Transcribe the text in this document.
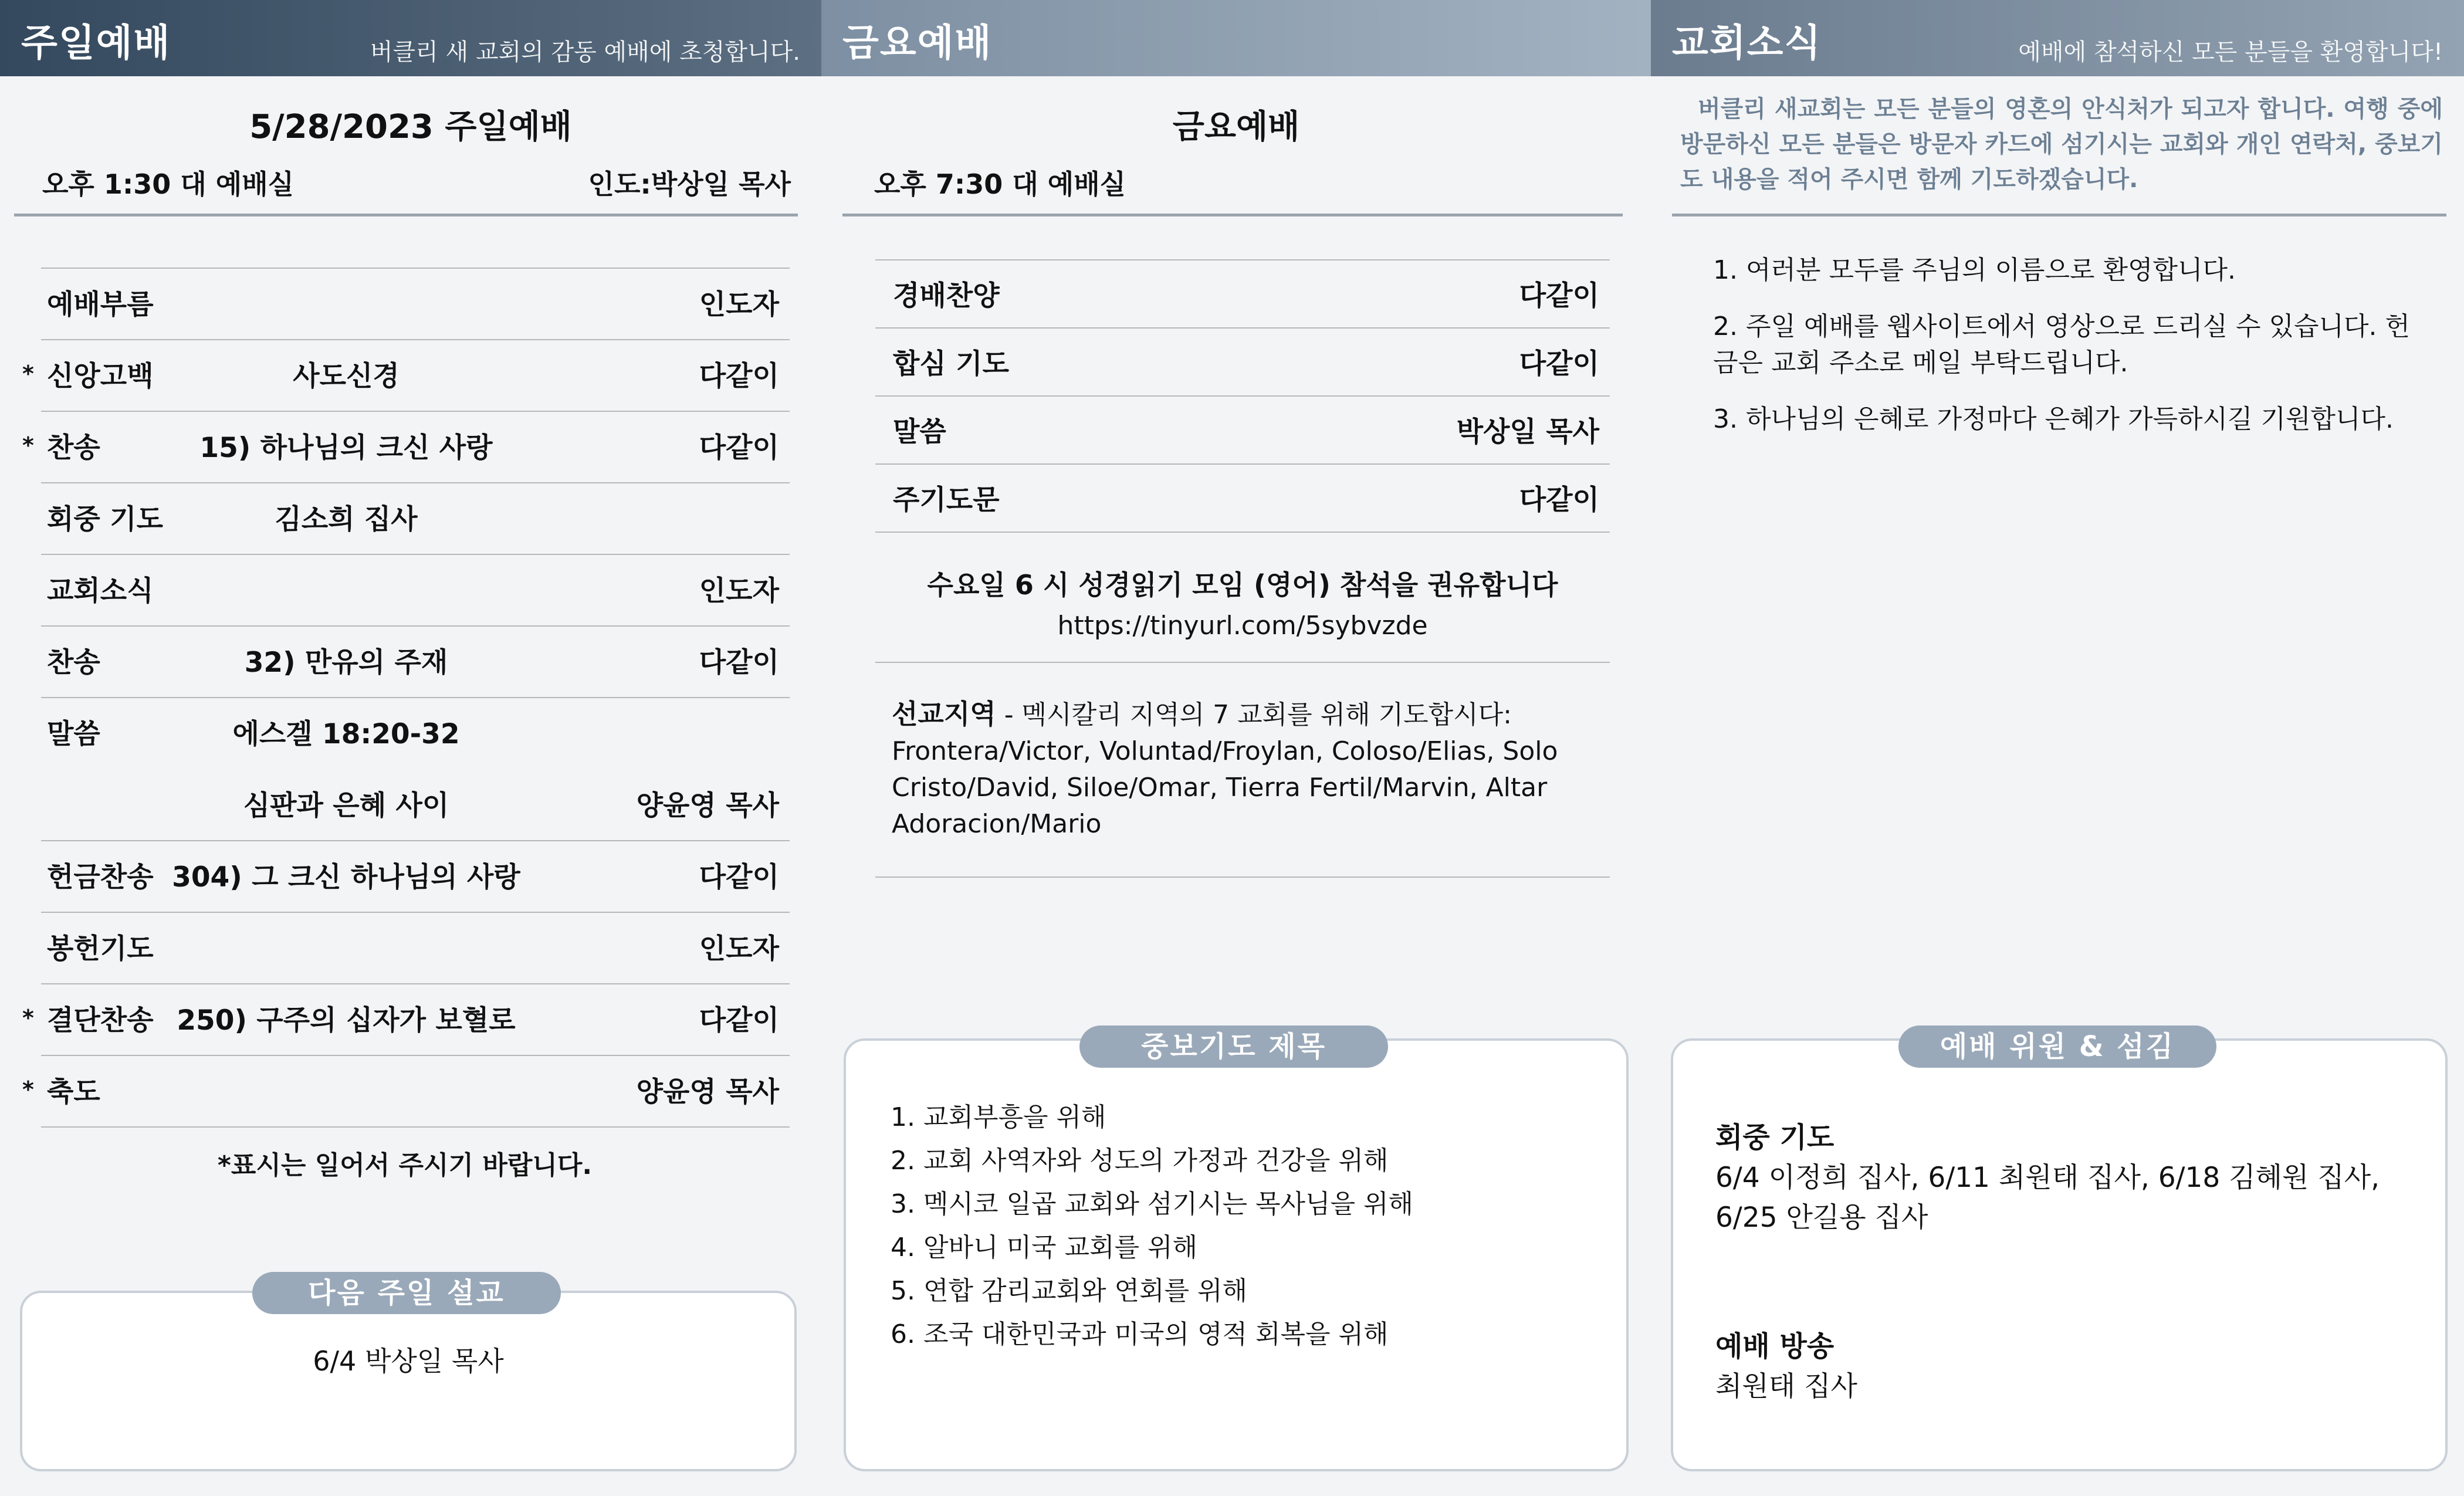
주일예배	버클리 새 교회의 감동 예배에 초청합니다.
5/28/2023 주일예배
오후 1:30 대 예배실	인도:박상일 목사
예배부름	인도자
* 신앙고백	사도신경	다같이
* 찬송	15) 하나님의 크신 사랑	다같이
회중 기도	김소희 집사
교회소식	인도자
찬송	32) 만유의 주재	다같이
말씀	에스겔 18:20-32
심판과 은혜 사이	양윤영 목사
헌금찬송 304) 그 크신 하나님의 사랑	다같이
봉헌기도	인도자
* 결단찬송 250) 구주의 십자가 보혈로	다같이
* 축도	양윤영 목사
*표시는 일어서 주시기 바랍니다.
6/4 박상일 목사
다음 주일 설교
금요예배
금요예배
오후 7:30 대 예배실
경배찬양	다같이
합심 기도	다같이
말씀	박상일 목사
주기도문	다같이
수요일 6 시 성경읽기 모임 (영어) 참석을 권유합니다
https://tinyurl.com/5sybvzde
선교지역 - 멕시칼리 지역의 7 교회를 위해 기도합시다: Frontera/Victor, Voluntad/Froylan, Coloso/Elias, Solo Cristo/David, Siloe/Omar, Tierra Fertil/Marvin, Altar Adoracion/Mario
1. 교회부흥을 위해
2. 교회 사역자와 성도의 가정과 건강을 위해
3. 멕시코 일곱 교회와 섬기시는 목사님을 위해
4. 알바니 미국 교회를 위해
5. 연합 감리교회와 연회를 위해
6. 조국 대한민국과 미국의 영적 회복을 위해
중보기도 제목
교회소식	예배에 참석하신 모든 분들을 환영합니다!
버클리 새교회는 모든 분들의 영혼의 안식처가 되고자 합니다. 여행 중에 방문하신 모든 분들은 방문자 카드에 섬기시는 교회와 개인 연락처, 중보기도 내용을 적어 주시면 함께 기도하겠습니다.
1. 여러분 모두를 주님의 이름으로 환영합니다.
2. 주일 예배를 웹사이트에서 영상으로 드리실 수 있습니다. 헌금은 교회 주소로 메일 부탁드립니다.
3. 하나님의 은혜로 가정마다 은혜가 가득하시길 기원합니다.
회중 기도
6/4 이정희 집사, 6/11 최원태 집사, 6/18 김혜원 집사, 6/25 안길용 집사
예배 방송
최원태 집사
예배 위원 & 섬김
